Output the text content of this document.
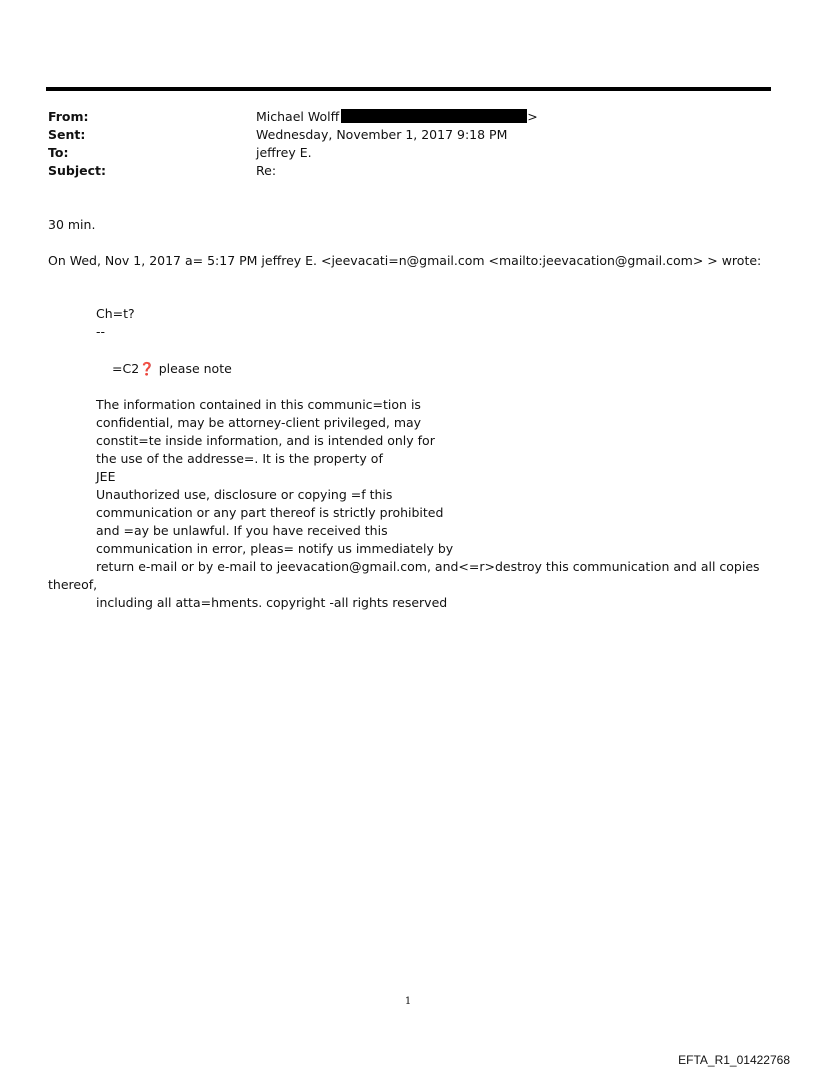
From:	Michael Wolff	>
Sent:	Wednesday, November 1, 2017 9:18 PM
To:	jeffrey E.
Subject:	Re:
30 min.
On Wed, Nov 1, 2017 a= 5:17 PM jeffrey E. <jeevacati=n@gmail.com <mailto:jeevacation@gmail.com> > wrote:
Ch=t?
--
=C2❓ please note
The information contained in this communic=tion is
confidential, may be attorney-client privileged, may
constit=te inside information, and is intended only for
the use of the addresse=. It is the property of
JEE
Unauthorized use, disclosure or copying =f this
communication or any part thereof is strictly prohibited
and =ay be unlawful. If you have received this
communication in error, pleas= notify us immediately by
return e-mail or by e-mail to jeevacation@gmail.com, and<=r>destroy this communication and all copies
thereof,
including all atta=hments. copyright -all rights reserved
1
EFTA_R1_01422768
